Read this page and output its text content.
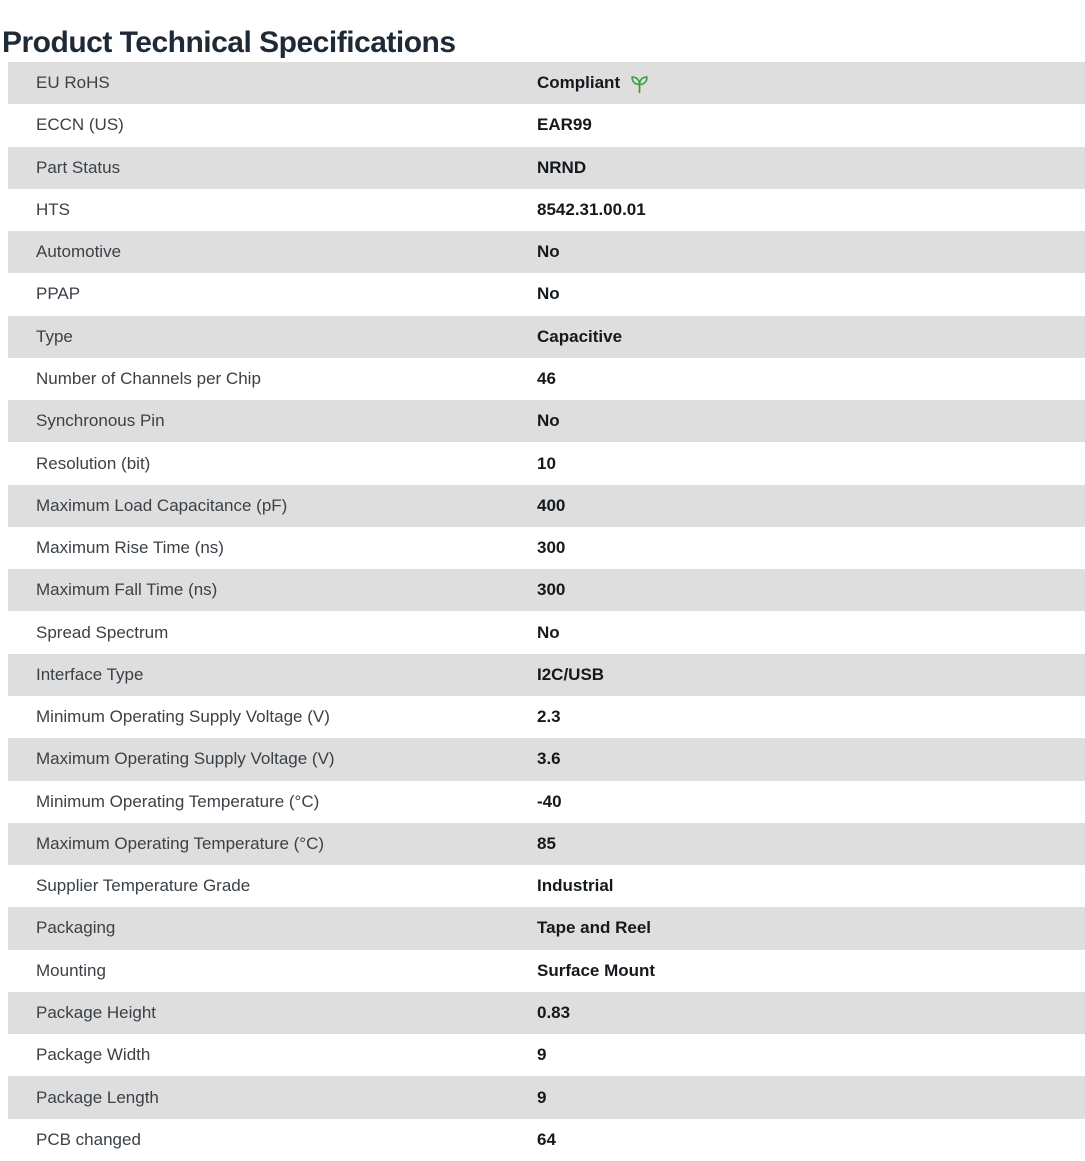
Product Technical Specifications
EU RoHS	Compliant
ECCN (US)	EAR99
Part Status	NRND
HTS	8542.31.00.01
Automotive	No
PPAP	No
Type	Capacitive
Number of Channels per Chip	46
Synchronous Pin	No
Resolution (bit)	10
Maximum Load Capacitance (pF)	400
Maximum Rise Time (ns)	300
Maximum Fall Time (ns)	300
Spread Spectrum	No
Interface Type	I2C/USB
Minimum Operating Supply Voltage (V)	2.3
Maximum Operating Supply Voltage (V)	3.6
Minimum Operating Temperature (°C)	-40
Maximum Operating Temperature (°C)	85
Supplier Temperature Grade	Industrial
Packaging	Tape and Reel
Mounting	Surface Mount
Package Height	0.83
Package Width	9
Package Length	9
PCB changed	64
